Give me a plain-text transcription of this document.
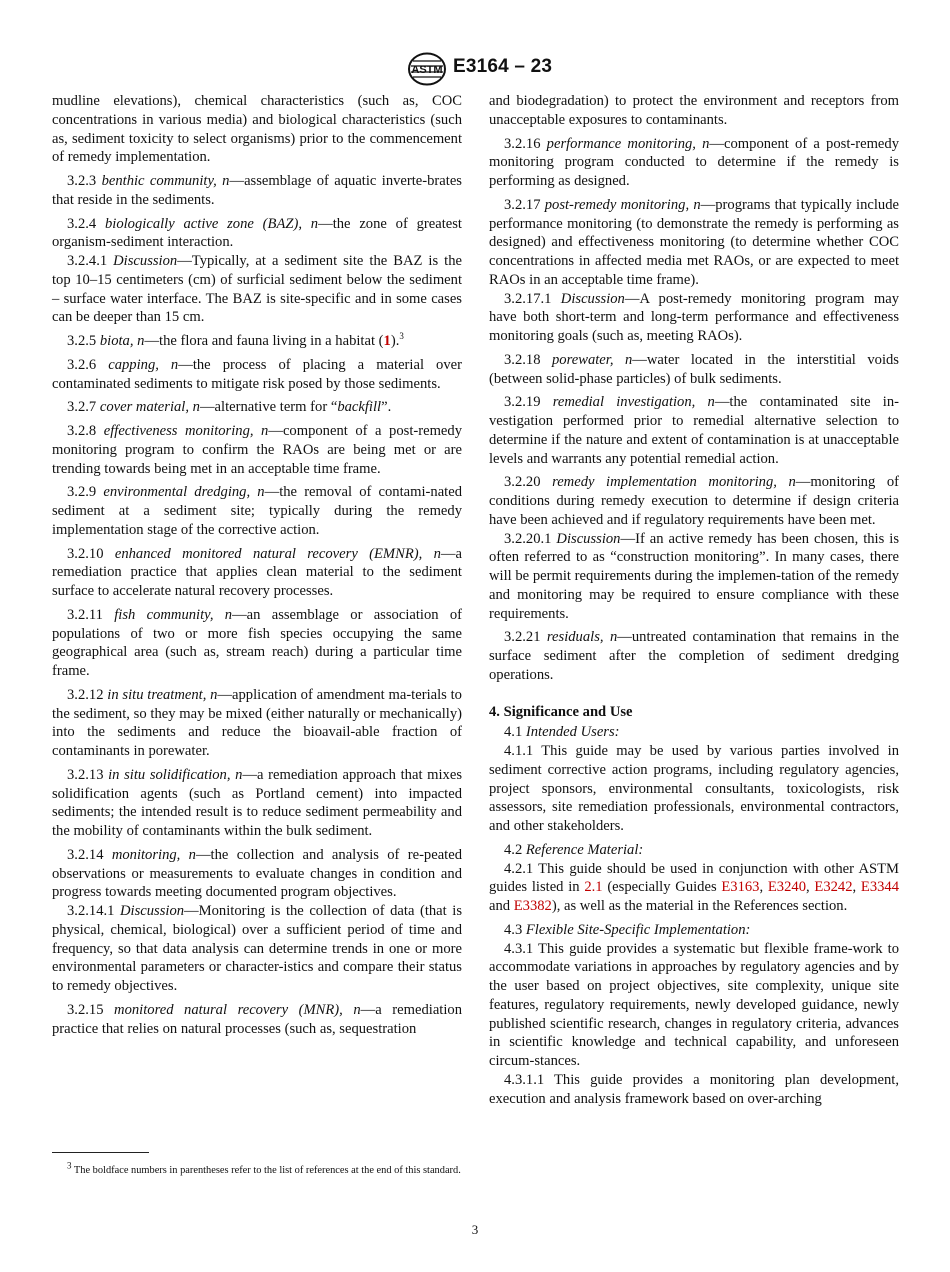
ASTM E3164 – 23

mudline elevations), chemical characteristics (such as, COC concentrations in various media) and biological characteristics (such as, sediment toxicity to select organisms) prior to the commencement of remedy implementation.

3.2.3 benthic community, n—assemblage of aquatic inverte-brates that reside in the sediments.

3.2.4 biologically active zone (BAZ), n—the zone of greatest organism-sediment interaction.

3.2.4.1 Discussion—Typically, at a sediment site the BAZ is the top 10–15 centimeters (cm) of surficial sediment below the sediment – surface water interface. The BAZ is site-specific and in some cases can be deeper than 15 cm.

3.2.5 biota, n—the flora and fauna living in a habitat (1).$^3$

3.2.6 capping, n—the process of placing a material over contaminated sediments to mitigate risk posed by those sediments.

3.2.7 cover material, n—alternative term for “backfill”.

3.2.8 effectiveness monitoring, n—component of a post-remedy monitoring program to confirm the RAOs are being met or are trending towards being met in an acceptable time frame.

3.2.9 environmental dredging, n—the removal of contami-nated sediment at a sediment site; typically during the remedy implementation stage of the corrective action.

3.2.10 enhanced monitored natural recovery (EMNR), n—a remediation practice that applies clean material to the sediment surface to accelerate natural recovery processes.

3.2.11 fish community, n—an assemblage or association of populations of two or more fish species occupying the same geographical area (such as, stream reach) during a particular time frame.

3.2.12 in situ treatment, n—application of amendment ma-terials to the sediment, so they may be mixed (either naturally or mechanically) into the sediments and reduce the bioavail-able fraction of contaminants in porewater.

3.2.13 in situ solidification, n—a remediation approach that mixes solidification agents (such as Portland cement) into impacted sediments; the intended result is to reduce sediment permeability and the mobility of contaminants within the bulk sediment.

3.2.14 monitoring, n—the collection and analysis of re-peated observations or measurements to evaluate changes in condition and progress towards meeting documented program objectives.

3.2.14.1 Discussion—Monitoring is the collection of data (that is physical, chemical, biological) over a sufficient period of time and frequency, so that data analysis can determine trends in one or more environmental parameters or character-istics and compare their status to remedy objectives.

3.2.15 monitored natural recovery (MNR), n—a remediation practice that relies on natural processes (such as, sequestration

and biodegradation) to protect the environment and receptors from unacceptable exposures to contaminants.

3.2.16 performance monitoring, n—component of a post-remedy monitoring program conducted to determine if the remedy is performing as designed.

3.2.17 post-remedy monitoring, n—programs that typically include performance monitoring (to demonstrate the remedy is performing as designed) and effectiveness monitoring (to determine whether COC concentrations in affected media met RAOs, or are expected to meet RAOs in an acceptable time frame).

3.2.17.1 Discussion—A post-remedy monitoring program may have both short-term and long-term performance and effectiveness monitoring goals (such as, meeting RAOs).

3.2.18 porewater, n—water located in the interstitial voids (between solid-phase particles) of bulk sediments.

3.2.19 remedial investigation, n—the contaminated site in-vestigation performed prior to remedial alternative selection to determine if the nature and extent of contamination is at unacceptable levels and warrants any potential remedial action.

3.2.20 remedy implementation monitoring, n—monitoring of conditions during remedy execution to determine if design criteria have been achieved and if regulatory requirements have been met.

3.2.20.1 Discussion—If an active remedy has been chosen, this is often referred to as “construction monitoring”. In many cases, there will be permit requirements during the implemen-tation of the remedy and monitoring may be required to ensure compliance with these requirements.

3.2.21 residuals, n—untreated contamination that remains in the surface sediment after the completion of sediment dredging operations.

4. Significance and Use

4.1 Intended Users:

4.1.1 This guide may be used by various parties involved in sediment corrective action programs, including regulatory agencies, project sponsors, environmental consultants, toxicologists, risk assessors, site remediation professionals, environmental contractors, and other stakeholders.

4.2 Reference Material:

4.2.1 This guide should be used in conjunction with other ASTM guides listed in 2.1 (especially Guides E3163, E3240, E3242, E3344 and E3382), as well as the material in the References section.

4.3 Flexible Site-Specific Implementation:

4.3.1 This guide provides a systematic but flexible frame-work to accommodate variations in approaches by regulatory agencies and by the user based on project objectives, site complexity, unique site features, regulatory requirements, newly developed guidance, newly published scientific research, changes in regulatory criteria, advances in scientific knowledge and technical capability, and unforeseen circum-stances.

4.3.1.1 This guide provides a monitoring plan development, execution and analysis framework based on over-arching

$^3$ The boldface numbers in parentheses refer to the list of references at the end of this standard.
3
